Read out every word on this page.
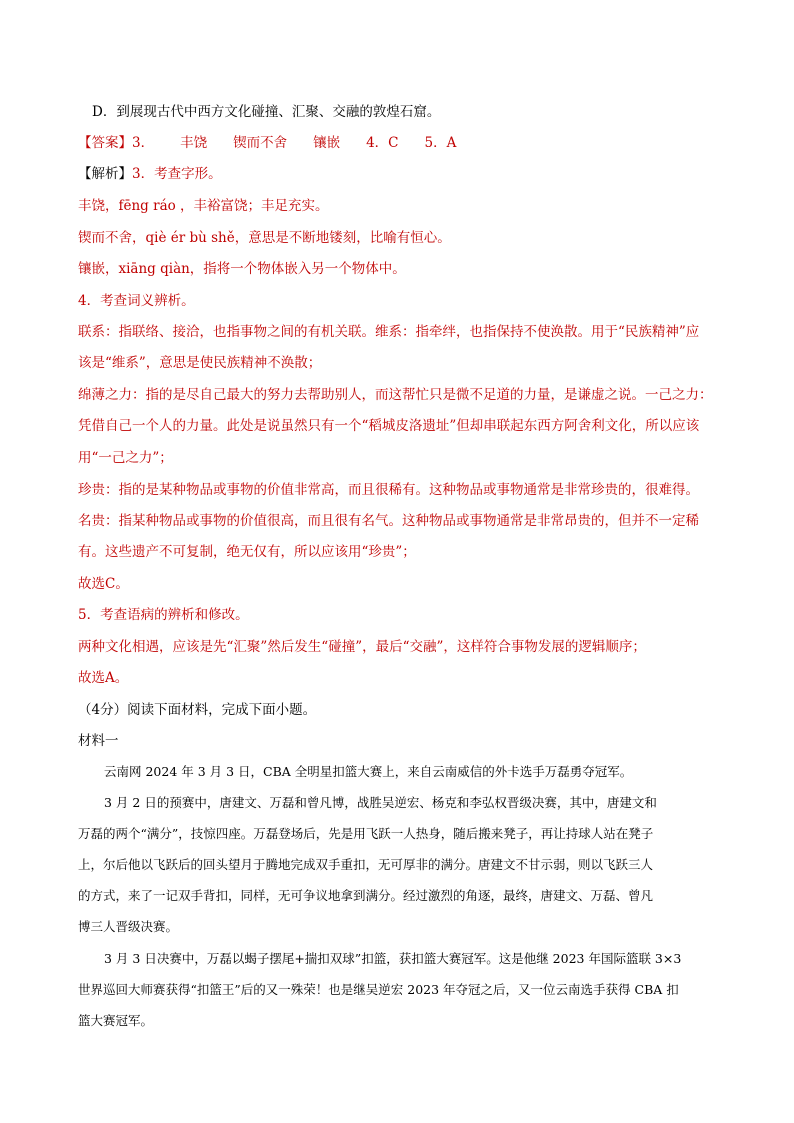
D．到展现古代中西方文化碰撞、汇聚、交融的敦煌石窟。
【答案】3． 丰饶 锲而不舍 镶嵌 4．C 5．A
【解析】3．考查字形。
丰饶，fēng ráo ，丰裕富饶；丰足充实。
锲而不舍，qiè ér bù shě，意思是不断地镂刻，比喻有恒心。
镶嵌，xiāng qiàn，指将一个物体嵌入另一个物体中。
4．考查词义辨析。
联系：指联络、接洽，也指事物之间的有机关联。维系：指牵绊，也指保持不使涣散。用于“民族精神”应
该是“维系”，意思是使民族精神不涣散；
绵薄之力：指的是尽自己最大的努力去帮助别人，而这帮忙只是微不足道的力量，是谦虚之说。一己之力：
凭借自己一个人的力量。此处是说虽然只有一个“稻城皮洛遗址”但却串联起东西方阿舍利文化，所以应该
用“一己之力”；
珍贵：指的是某种物品或事物的价值非常高，而且很稀有。这种物品或事物通常是非常珍贵的，很难得。
名贵：指某种物品或事物的价值很高，而且很有名气。这种物品或事物通常是非常昂贵的，但并不一定稀
有。这些遗产不可复制，绝无仅有，所以应该用“珍贵”；
故选C。
5．考查语病的辨析和修改。
两种文化相遇，应该是先“汇聚”然后发生“碰撞”，最后“交融”，这样符合事物发展的逻辑顺序；
故选A。
（4分）阅读下面材料，完成下面小题。
材料一
云南网 2024 年 3 月 3 日，CBA 全明星扣篮大赛上，来自云南威信的外卡选手万磊勇夺冠军。
3 月 2 日的预赛中，唐建文、万磊和曾凡博，战胜吴逆宏、杨克和李弘权晋级决赛，其中，唐建文和
万磊的两个“满分”，技惊四座。万磊登场后，先是用飞跃一人热身，随后搬来凳子，再让持球人站在凳子
上，尔后他以飞跃后的回头望月于腾地完成双手重扣，无可厚非的满分。唐建文不甘示弱，则以飞跃三人
的方式，来了一记双手背扣，同样，无可争议地拿到满分。经过激烈的角逐，最终，唐建文、万磊、曾凡
博三人晋级决赛。
3 月 3 日决赛中，万磊以蝎子摆尾+揣扣双球”扣篮，获扣篮大赛冠军。这是他继 2023 年国际篮联 3×3
世界巡回大师赛获得“扣篮王”后的又一殊荣！也是继吴逆宏 2023 年夺冠之后，又一位云南选手获得 CBA 扣
篮大赛冠军。
